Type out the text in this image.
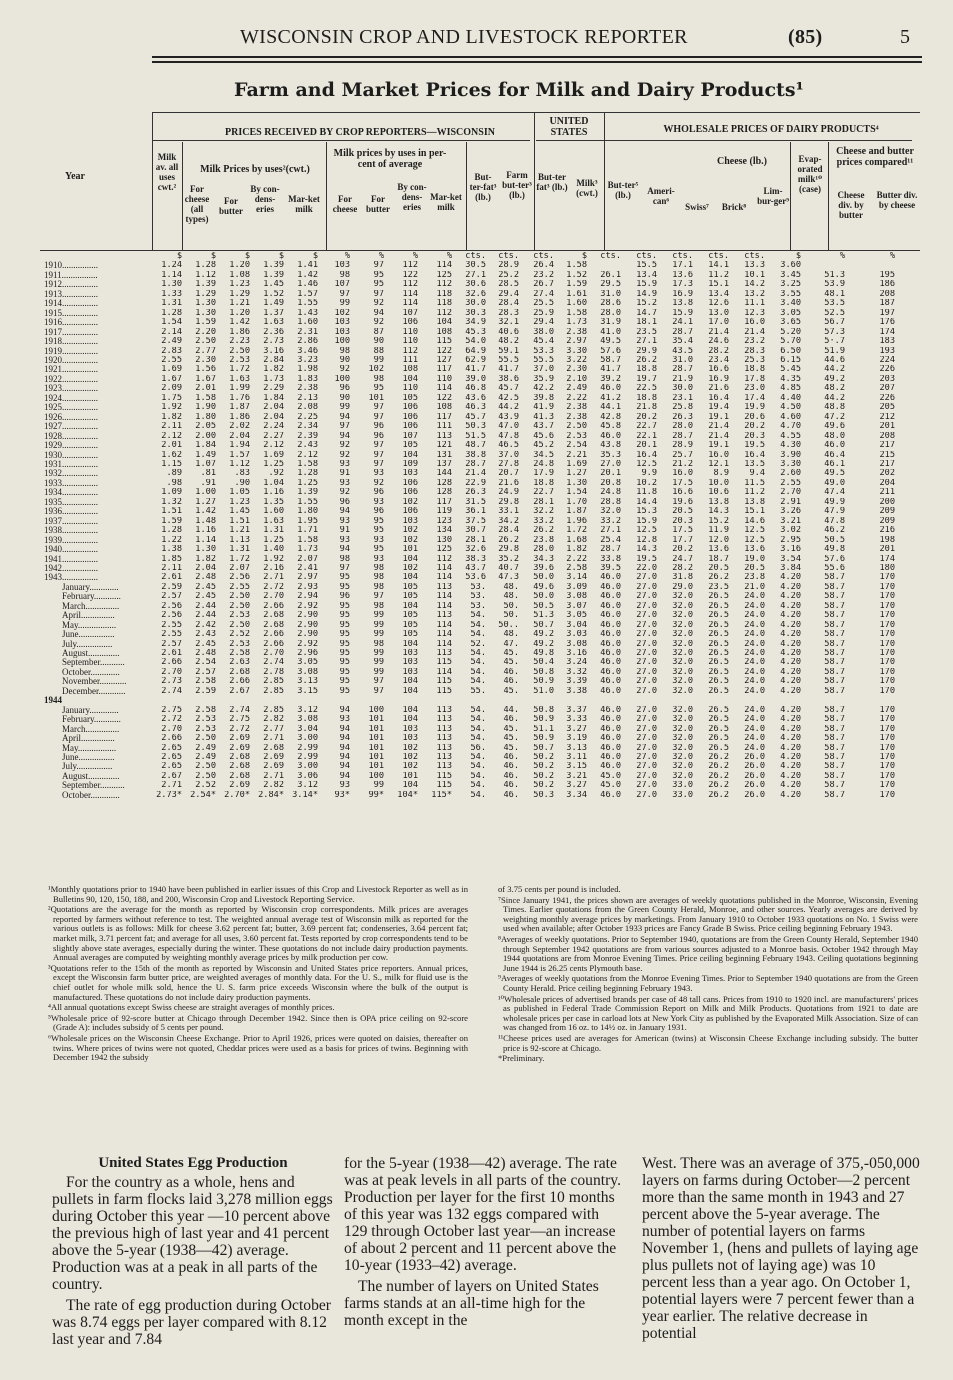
WISCONSIN CROP AND LIVESTOCK REPORTER	(85)	5
Farm and Market Prices for Milk and Dairy Products¹
PRICES RECEIVED BY CROP REPORTERS—WISCONSIN
UNITED STATES	WHOLESALE PRICES OF DAIRY PRODUCTS⁴
Milk Prices by uses²(cwt.)
Milk prices by uses in per-cent of average	Cheese (lb.)
Cheese and butter prices compared¹¹
Year
Milk av. all uses cwt.²	For cheese (all types)
For butter
By con-dens-eries
Mar-ket milk
For cheese
For butter
By con-dens-eries
Mar-ket milk
But-ter-fat³ (lb.)
Farm but-ter³ (lb.)
But-ter fat³ (lb.) Milk³ (cwt.)
But-ter⁵ (lb.)	Ameri-can⁶
Swiss⁷	Brick⁸
Lim-bur-ger⁹
Evap-orated milk¹⁰ (case)
Cheese div. by butter
Butter div. by cheese
	$	$	$	$	$	%	%	%	%	cts.	cts.	cts.	$	cts.	cts.	cts.	cts.	cts.	$	%	%
1910................	1.24	1.28	1.20	1.39	1.41	103	97	112	114	30.5	28.9	26.4	1.58		15.5	17.1	14.1	13.3	3.60		
1911................	1.14	1.12	1.08	1.39	1.42	98	95	122	125	27.1	25.2	23.2	1.52	26.1	13.4	13.6	11.2	10.1	3.45	51.3	195
1912................	1.30	1.39	1.23	1.45	1.46	107	95	112	112	30.6	28.5	26.7	1.59	29.5	15.9	17.3	15.1	14.2	3.25	53.9	186
1913................	1.33	1.29	1.29	1.52	1.57	97	97	114	118	32.6	29.4	27.4	1.61	31.0	14.9	16.9	13.4	13.2	3.55	48.1	208
1914................	1.31	1.30	1.21	1.49	1.55	99	92	114	118	30.0	28.4	25.5	1.60	28.6	15.2	13.8	12.6	11.1	3.40	53.5	187
1915................	1.28	1.30	1.20	1.37	1.43	102	94	107	112	30.3	28.3	25.9	1.58	28.0	14.7	15.9	13.0	12.3	3.05	52.5	197
1916................	1.54	1.59	1.42	1.63	1.60	103	92	106	104	34.9	32.1	29.4	1.73	31.9	18.1	24.1	17.0	16.0	3.65	56.7	176
1917................	2.14	2.20	1.86	2.36	2.31	103	87	110	108	45.3	40.6	38.0	2.38	41.0	23.5	28.7	21.4	21.4	5.20	57.3	174
1918................	2.49	2.50	2.23	2.73	2.86	100	90	110	115	54.0	48.2	45.4	2.97	49.5	27.1	35.4	24.6	23.2	5.70	5·.7	183
1919................	2.83	2.77	2.50	3.16	3.46	98	88	112	122	64.9	59.1	53.3	3.30	57.6	29.9	43.5	28.2	28.3	6.50	51.9	193
1920................	2.55	2.30	2.53	2.84	3.23	90	99	111	127	62.9	55.5	55.5	3.22	58.7	26.2	31.0	23.4	25.3	6.15	44.6	224
1921................	1.69	1.56	1.72	1.82	1.98	92	102	108	117	41.7	41.7	37.0	2.30	41.7	18.8	28.7	16.6	18.8	5.45	44.2	226
1922................	1.67	1.67	1.63	1.73	1.83	100	98	104	110	39.0	38.6	35.9	2.10	39.2	19.7	21.9	16.9	17.8	4.35	49.2	203
1923................	2.09	2.01	1.99	2.29	2.38	96	95	110	114	46.8	45.7	42.2	2.49	46.0	22.5	30.0	21.6	23.0	4.85	48.2	207
1924................	1.75	1.58	1.76	1.84	2.13	90	101	105	122	43.6	42.5	39.8	2.22	41.2	18.8	23.1	16.4	17.4	4.40	44.2	226
1925................	1.92	1.90	1.87	2.04	2.08	99	97	106	108	46.3	44.2	41.9	2.38	44.1	21.8	25.8	19.4	19.9	4.50	48.8	205
1926................	1.82	1.80	1.86	2.04	2.25	94	97	106	117	45.7	43.9	41.3	2.38	42.8	20.2	26.3	19.1	20.6	4.60	47.2	212
1927................	2.11	2.05	2.02	2.24	2.34	97	96	106	111	50.3	47.0	43.7	2.50	45.8	22.7	28.0	21.4	20.2	4.70	49.6	201
1928................	2.12	2.00	2.04	2.27	2.39	94	96	107	113	51.5	47.8	45.6	2.53	46.0	22.1	28.7	21.4	20.3	4.55	48.0	208
1929................	2.01	1.84	1.94	2.12	2.43	92	97	105	121	48.7	46.5	45.2	2.54	43.8	20.1	28.9	19.1	19.5	4.30	46.0	217
1930................	1.62	1.49	1.57	1.69	2.12	92	97	104	131	38.8	37.0	34.5	2.21	35.3	16.4	25.7	16.0	16.4	3.90	46.4	215
1931................	1.15	1.07	1.12	1.25	1.58	93	97	109	137	28.7	27.8	24.8	1.69	27.0	12.5	21.2	12.1	13.5	3.30	46.1	217
1932................	.89	.81	.83	.92	1.28	91	93	103	144	21.4	20.7	17.9	1.27	20.1	9.9	16.0	8.9	9.4	2.60	49.5	202
1933................	.98	.91	.90	1.04	1.25	93	92	106	128	22.9	21.6	18.8	1.30	20.8	10.2	17.5	10.0	11.5	2.55	49.0	204
1934................	1.09	1.00	1.05	1.16	1.39	92	96	106	128	26.3	24.9	22.7	1.54	24.8	11.8	16.6	10.6	11.2	2.70	47.4	211
1935................	1.32	1.27	1.23	1.35	1.55	96	93	102	117	31.5	29.8	28.1	1.70	28.8	14.4	19.6	13.8	13.8	2.91	49.9	200
1936................	1.51	1.42	1.45	1.60	1.80	94	96	106	119	36.1	33.1	32.2	1.87	32.0	15.3	20.5	14.3	15.1	3.26	47.9	209
1937................	1.59	1.48	1.51	1.63	1.95	93	95	103	123	37.5	34.2	33.2	1.96	33.2	15.9	20.3	15.2	14.6	3.21	47.8	209
1938................	1.28	1.16	1.21	1.31	1.71	91	95	102	134	30.7	28.4	26.2	1.72	27.1	12.5	17.5	11.9	12.5	3.02	46.2	216
1939................	1.22	1.14	1.13	1.25	1.58	93	93	102	130	28.1	26.2	23.8	1.68	25.4	12.8	17.7	12.0	12.5	2.95	50.5	198
1940................	1.38	1.30	1.31	1.40	1.73	94	95	101	125	32.6	29.8	28.0	1.82	28.7	14.3	20.2	13.6	13.6	3.16	49.8	201
1941................	1.85	1.82	1.72	1.92	2.07	98	93	104	112	38.3	35.2	34.3	2.22	33.8	19.5	24.7	18.7	19.0	3.54	57.6	174
1942................	2.11	2.04	2.07	2.16	2.41	97	98	102	114	43.7	40.7	39.6	2.58	39.5	22.0	28.2	20.5	20.5	3.84	55.6	180
1943................	2.61	2.48	2.56	2.71	2.97	95	98	104	114	53.6	47.3	50.0	3.14	46.0	27.0	31.8	26.2	23.8	4.20	58.7	170
January.............	2.59	2.45	2.55	2.72	2.93	95	98	105	113	53.	48.	49.6	3.09	46.0	27.0	29.0	23.5	21.0	4.20	58.7	170
February............	2.57	2.45	2.50	2.70	2.94	96	97	105	114	53.	48.	50.0	3.08	46.0	27.0	32.0	26.5	24.0	4.20	58.7	170
March...............	2.56	2.44	2.50	2.66	2.92	95	98	104	114	53.	50.	50.5	3.07	46.0	27.0	32.0	26.5	24.0	4.20	58.7	170
April...............	2.56	2.44	2.53	2.68	2.90	95	99	105	113	54.	50.	51.3	3.05	46.0	27.0	32.0	26.5	24.0	4.20	58.7	170
May.................	2.55	2.42	2.50	2.68	2.90	95	99	105	114	54.	50..	50.7	3.04	46.0	27.0	32.0	26.5	24.0	4.20	58.7	170
June................	2.55	2.43	2.52	2.66	2.90	95	99	105	114	54.	48.	49.2	3.03	46.0	27.0	32.0	26.5	24.0	4.20	58.7	170
July................	2.57	2.45	2.53	2.66	2.92	95	98	104	114	52.	47.	49.2	3.08	46.0	27.0	32.0	26.5	24.0	4.20	58.7	170
August..............	2.61	2.48	2.58	2.70	2.96	95	99	103	113	54.	45.	49.8	3.16	46.0	27.0	32.0	26.5	24.0	4.20	58.7	170
September...........	2.66	2.54	2.63	2.74	3.05	95	99	103	115	54.	45.	50.4	3.24	46.0	27.0	32.0	26.5	24.0	4.20	58.7	170
October.............	2.70	2.57	2.68	2.78	3.08	95	99	103	114	54.	46.	50.8	3.32	46.0	27.0	32.0	26.5	24.0	4.20	58.7	170
November............	2.73	2.58	2.66	2.85	3.13	95	97	104	115	54.	46.	50.9	3.39	46.0	27.0	32.0	26.5	24.0	4.20	58.7	170
December............	2.74	2.59	2.67	2.85	3.15	95	97	104	115	55.	45.	51.0	3.38	46.0	27.0	32.0	26.5	24.0	4.20	58.7	170
1944																					
January.............	2.75	2.58	2.74	2.85	3.12	94	100	104	113	54.	44.	50.8	3.37	46.0	27.0	32.0	26.5	24.0	4.20	58.7	170
February............	2.72	2.53	2.75	2.82	3.08	93	101	104	113	54.	46.	50.9	3.33	46.0	27.0	32.0	26.5	24.0	4.20	58.7	170
March...............	2.70	2.53	2.72	2.77	3.04	94	101	103	113	54.	45.	51.1	3.27	46.0	27.0	32.0	26.5	24.0	4.20	58.7	170
April...............	2.66	2.50	2.69	2.71	3.00	94	101	103	113	54.	45.	50.9	3.19	46.0	27.0	32.0	26.5	24.0	4.20	58.7	170
May.................	2.65	2.49	2.69	2.68	2.99	94	101	102	113	56.	45.	50.7	3.13	46.0	27.0	32.0	26.5	24.0	4.20	58.7	170
June................	2.65	2.49	2.68	2.69	2.99	94	101	102	113	54.	46.	50.2	3.11	46.0	27.0	32.0	26.2	26.0	4.20	58.7	170
July................	2.65	2.50	2.68	2.69	3.00	94	101	102	113	54.	46.	50.2	3.15	46.0	27.0	32.0	26.2	26.0	4.20	58.7	170
August..............	2.67	2.50	2.68	2.71	3.06	94	100	101	115	54.	46.	50.2	3.21	45.0	27.0	32.0	26.2	26.0	4.20	58.7	170
September...........	2.71	2.52	2.69	2.82	3.12	93	99	104	115	54.	46.	50.2	3.27	45.0	27.0	33.0	26.2	26.0	4.20	58.7	170
October.............	2.73*	2.54*	2.70*	2.84*	3.14*	93*	99*	104*	115*	54.	46.	50.3	3.34	46.0	27.0	33.0	26.2	26.0	4.20	58.7	170

¹Monthly quotations prior to 1940 have been published in earlier issues of this Crop and Livestock Reporter as well as in Bulletins 90, 120, 150, 188, and 200, Wisconsin Crop and Livestock Reporting Service.

²Quotations are the average for the month as reported by Wisconsin crop correspondents. Milk prices are averages reported by farmers without reference to test. The weighted annual average test of Wisconsin milk as reported for the various outlets is as follows: Milk for cheese 3.62 percent fat; butter, 3.69 percent fat; condenseries, 3.64 percent fat; market milk, 3.71 percent fat; and average for all uses, 3.60 percent fat. Tests reported by crop correspondents tend to be slightly above state averages, especially during the winter. These quotations do not include dairy production payments. Annual averages are computed by weighting monthly average prices by milk production per cow.

³Quotations refer to the 15th of the month as reported by Wisconsin and United States price reporters. Annual prices, except the Wisconsin farm butter price, are weighted averages of monthly data. For the U. S., milk for fluid use is the chief outlet for whole milk sold, hence the U. S. farm price exceeds Wisconsin where the bulk of the output is manufactured. These quotations do not include dairy production payments.

⁴All annual quotations except Swiss cheese are straight averages of monthly prices.

⁵Wholesale price of 92-score butter at Chicago through December 1942. Since then is OPA price ceiling on 92-score (Grade A): includes subsidy of 5 cents per pound.

⁶Wholesale prices on the Wisconsin Cheese Exchange. Prior to April 1926, prices were quoted on daisies, thereafter on twins. Where prices of twins were not quoted, Cheddar prices were used as a basis for prices of twins. Beginning with December 1942 the subsidy

of 3.75 cents per pound is included.

⁷Since January 1941, the prices shown are averages of weekly quotations published in the Monroe, Wisconsin, Evening Times. Earlier quotations from the Green County Herald, Monroe, and other sources. Yearly averages are derived by weighting monthly average prices by marketings. From January 1910 to October 1933 quotations on No. 1 Swiss were used when available; after October 1933 prices are Fancy Grade B Swiss. Price ceiling beginning February 1943.

⁸Averages of weekly quotations. Prior to September 1940, quotations are from the Green County Herald, September 1940 through September 1942 quotations are from various sources adjusted to a Monroe basis. October 1942 through May 1944 quotations are from Monroe Evening Times. Price ceiling beginning February 1943. Ceiling quotations beginning June 1944 is 26.25 cents Plymouth base.

⁹Averages of weekly quotations from the Monroe Evening Times. Prior to September 1940 quotations are from the Green County Herald. Price ceiling beginning February 1943.

¹⁰Wholesale prices of advertised brands per case of 48 tall cans. Prices from 1910 to 1920 incl. are manufacturers' prices as published in Federal Trade Commission Report on Milk and Milk Products. Quotations from 1921 to date are wholesale prices per case in carload lots at New York City as published by the Evaporated Milk Association. Size of can was changed from 16 oz. to 14½ oz. in January 1931.

¹¹Cheese prices used are averages for American (twins) at Wisconsin Cheese Exchange including subsidy. The butter price is 92-score at Chicago.

*Preliminary.

United States Egg Production

For the country as a whole, hens and pullets in farm flocks laid 3,278 million eggs during October this year —10 percent above the previous high of last year and 41 percent above the 5-year (1938—42) average. Production was at a peak in all parts of the country.

The rate of egg production during October was 8.74 eggs per layer compared with 8.12 last year and 7.84

for the 5-year (1938—42) average. The rate was at peak levels in all parts of the country. Production per layer for the first 10 months of this year was 132 eggs compared with 129 through October last year—an increase of about 2 percent and 11 percent above the 10-year (1933–42) average.

The number of layers on United States farms stands at an all-time high for the month except in the

West. There was an average of 375,-050,000 layers on farms during October—2 percent more than the same month in 1943 and 27 percent above the 5-year average. The number of potential layers on farms November 1, (hens and pullets of laying age plus pullets not of laying age) was 10 percent less than a year ago. On October 1, potential layers were 7 percent fewer than a year earlier. The relative decrease in potential
